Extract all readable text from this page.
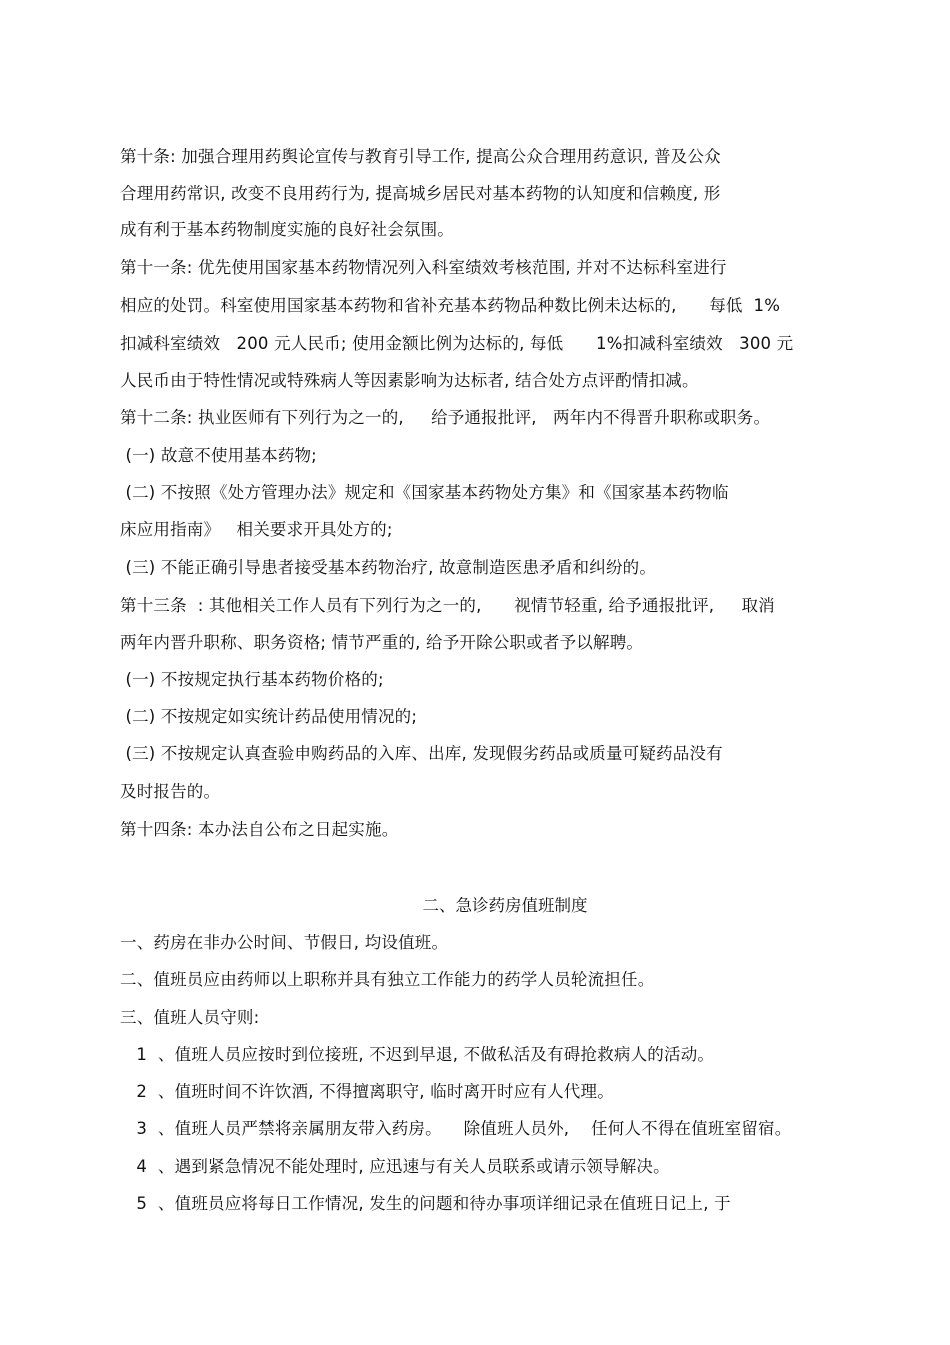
第十条: 加强合理用药舆论宣传与教育引导工作, 提高公众合理用药意识, 普及公众
合理用药常识, 改变不良用药行为, 提高城乡居民对基本药物的认知度和信赖度, 形
成有利于基本药物制度实施的良好社会氛围。
第十一条: 优先使用国家基本药物情况列入科室绩效考核范围, 并对不达标科室进行
相应的处罚。科室使用国家基本药物和省补充基本药物品种数比例未达标的,      每低  1%
扣减科室绩效   200 元人民币; 使用金额比例为达标的, 每低      1%扣减科室绩效   300 元
人民币由于特性情况或特殊病人等因素影响为达标者, 结合处方点评酌情扣减。
第十二条: 执业医师有下列行为之一的,     给予通报批评,   两年内不得晋升职称或职务。
(一) 故意不使用基本药物;
(二) 不按照《处方管理办法》规定和《国家基本药物处方集》和《国家基本药物临
床应用指南》   相关要求开具处方的;
(三) 不能正确引导患者接受基本药物治疗, 故意制造医患矛盾和纠纷的。
第十三条  : 其他相关工作人员有下列行为之一的,      视情节轻重, 给予通报批评,     取消
两年内晋升职称、职务资格; 情节严重的, 给予开除公职或者予以解聘。
(一) 不按规定执行基本药物价格的;
(二) 不按规定如实统计药品使用情况的;
(三) 不按规定认真查验申购药品的入库、出库, 发现假劣药品或质量可疑药品没有
及时报告的。
第十四条: 本办法自公布之日起实施。
二、急诊药房值班制度
一、药房在非办公时间、节假日, 均设值班。
二、值班员应由药师以上职称并具有独立工作能力的药学人员轮流担任。
三、值班人员守则:
1  、值班人员应按时到位接班, 不迟到早退, 不做私活及有碍抢救病人的活动。
2  、值班时间不许饮酒, 不得擅离职守, 临时离开时应有人代理。
3  、值班人员严禁将亲属朋友带入药房。    除值班人员外,    任何人不得在值班室留宿。
4  、遇到紧急情况不能处理时, 应迅速与有关人员联系或请示领导解决。
5  、值班员应将每日工作情况, 发生的问题和待办事项详细记录在值班日记上, 于
